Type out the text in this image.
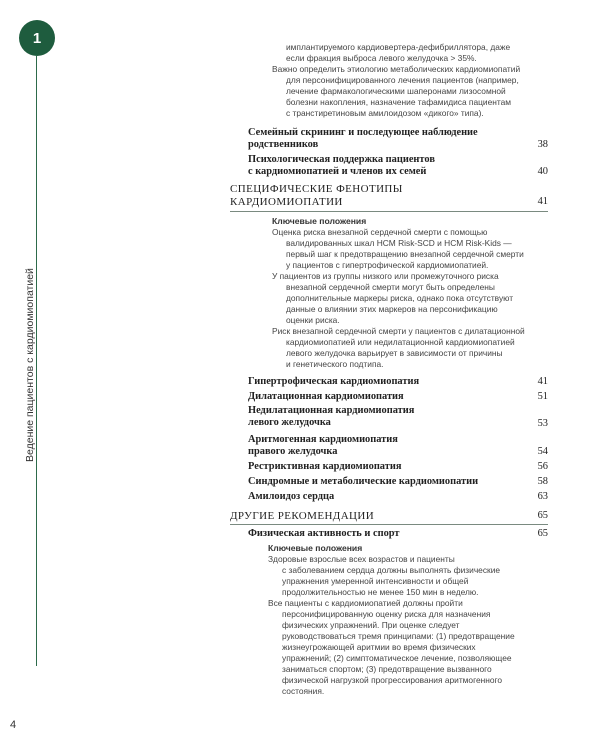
1
Ведение пациентов с кардиомиопатией
4
имплантируемого кардиовертера-дефибриллятора, даже
если фракция выброса левого желудочка > 35%.
Важно определить этиологию метаболических кардиомиопатий
для персонифицированного лечения пациентов (например,
лечение фармакологическими шаперонами лизосомной
болезни накопления, назначение тафамидиса пациентам
с транстиретиновым амилоидозом «дикого» типа).
Семейный скрининг и последующее наблюдение
родственников	38
Психологическая поддержка пациентов
с кардиомиопатией и членов их семей	40
СПЕЦИФИЧЕСКИЕ ФЕНОТИПЫ
КАРДИОМИОПАТИИ	41
Ключевые положения
Оценка риска внезапной сердечной смерти с помощью
валидированных шкал HCM Risk-SCD и HCM Risk-Kids —
первый шаг к предотвращению внезапной сердечной смерти
у пациентов с гипертрофической кардиомиопатией.
У пациентов из группы низкого или промежуточного риска
внезапной сердечной смерти могут быть определены
дополнительные маркеры риска, однако пока отсутствуют
данные о влиянии этих маркеров на персонификацию
оценки риска.
Риск внезапной сердечной смерти у пациентов с дилатационной
кардиомиопатией или недилатационной кардиомиопатией
левого желудочка варьирует в зависимости от причины
и генетического подтипа.
Гипертрофическая кардиомиопатия	41
Дилатационная кардиомиопатия	51
Недилатационная кардиомиопатия
левого желудочка	53
Аритмогенная кардиомиопатия
правого желудочка	54
Рестриктивная кардиомиопатия	56
Синдромные и метаболические кардиомиопатии	58
Амилоидоз сердца	63
ДРУГИЕ РЕКОМЕНДАЦИИ	65
Физическая активность и спорт	65
Ключевые положения
Здоровые взрослые всех возрастов и пациенты
с заболеванием сердца должны выполнять физические
упражнения умеренной интенсивности и общей
продолжительностью не менее 150 мин в неделю.
Все пациенты с кардиомиопатией должны пройти
персонифицированную оценку риска для назначения
физических упражнений. При оценке следует
руководствоваться тремя принципами: (1) предотвращение
жизнеугрожающей аритмии во время физических
упражнений; (2) симптоматическое лечение, позволяющее
заниматься спортом; (3) предотвращение вызванного
физической нагрузкой прогрессирования аритмогенного
состояния.
